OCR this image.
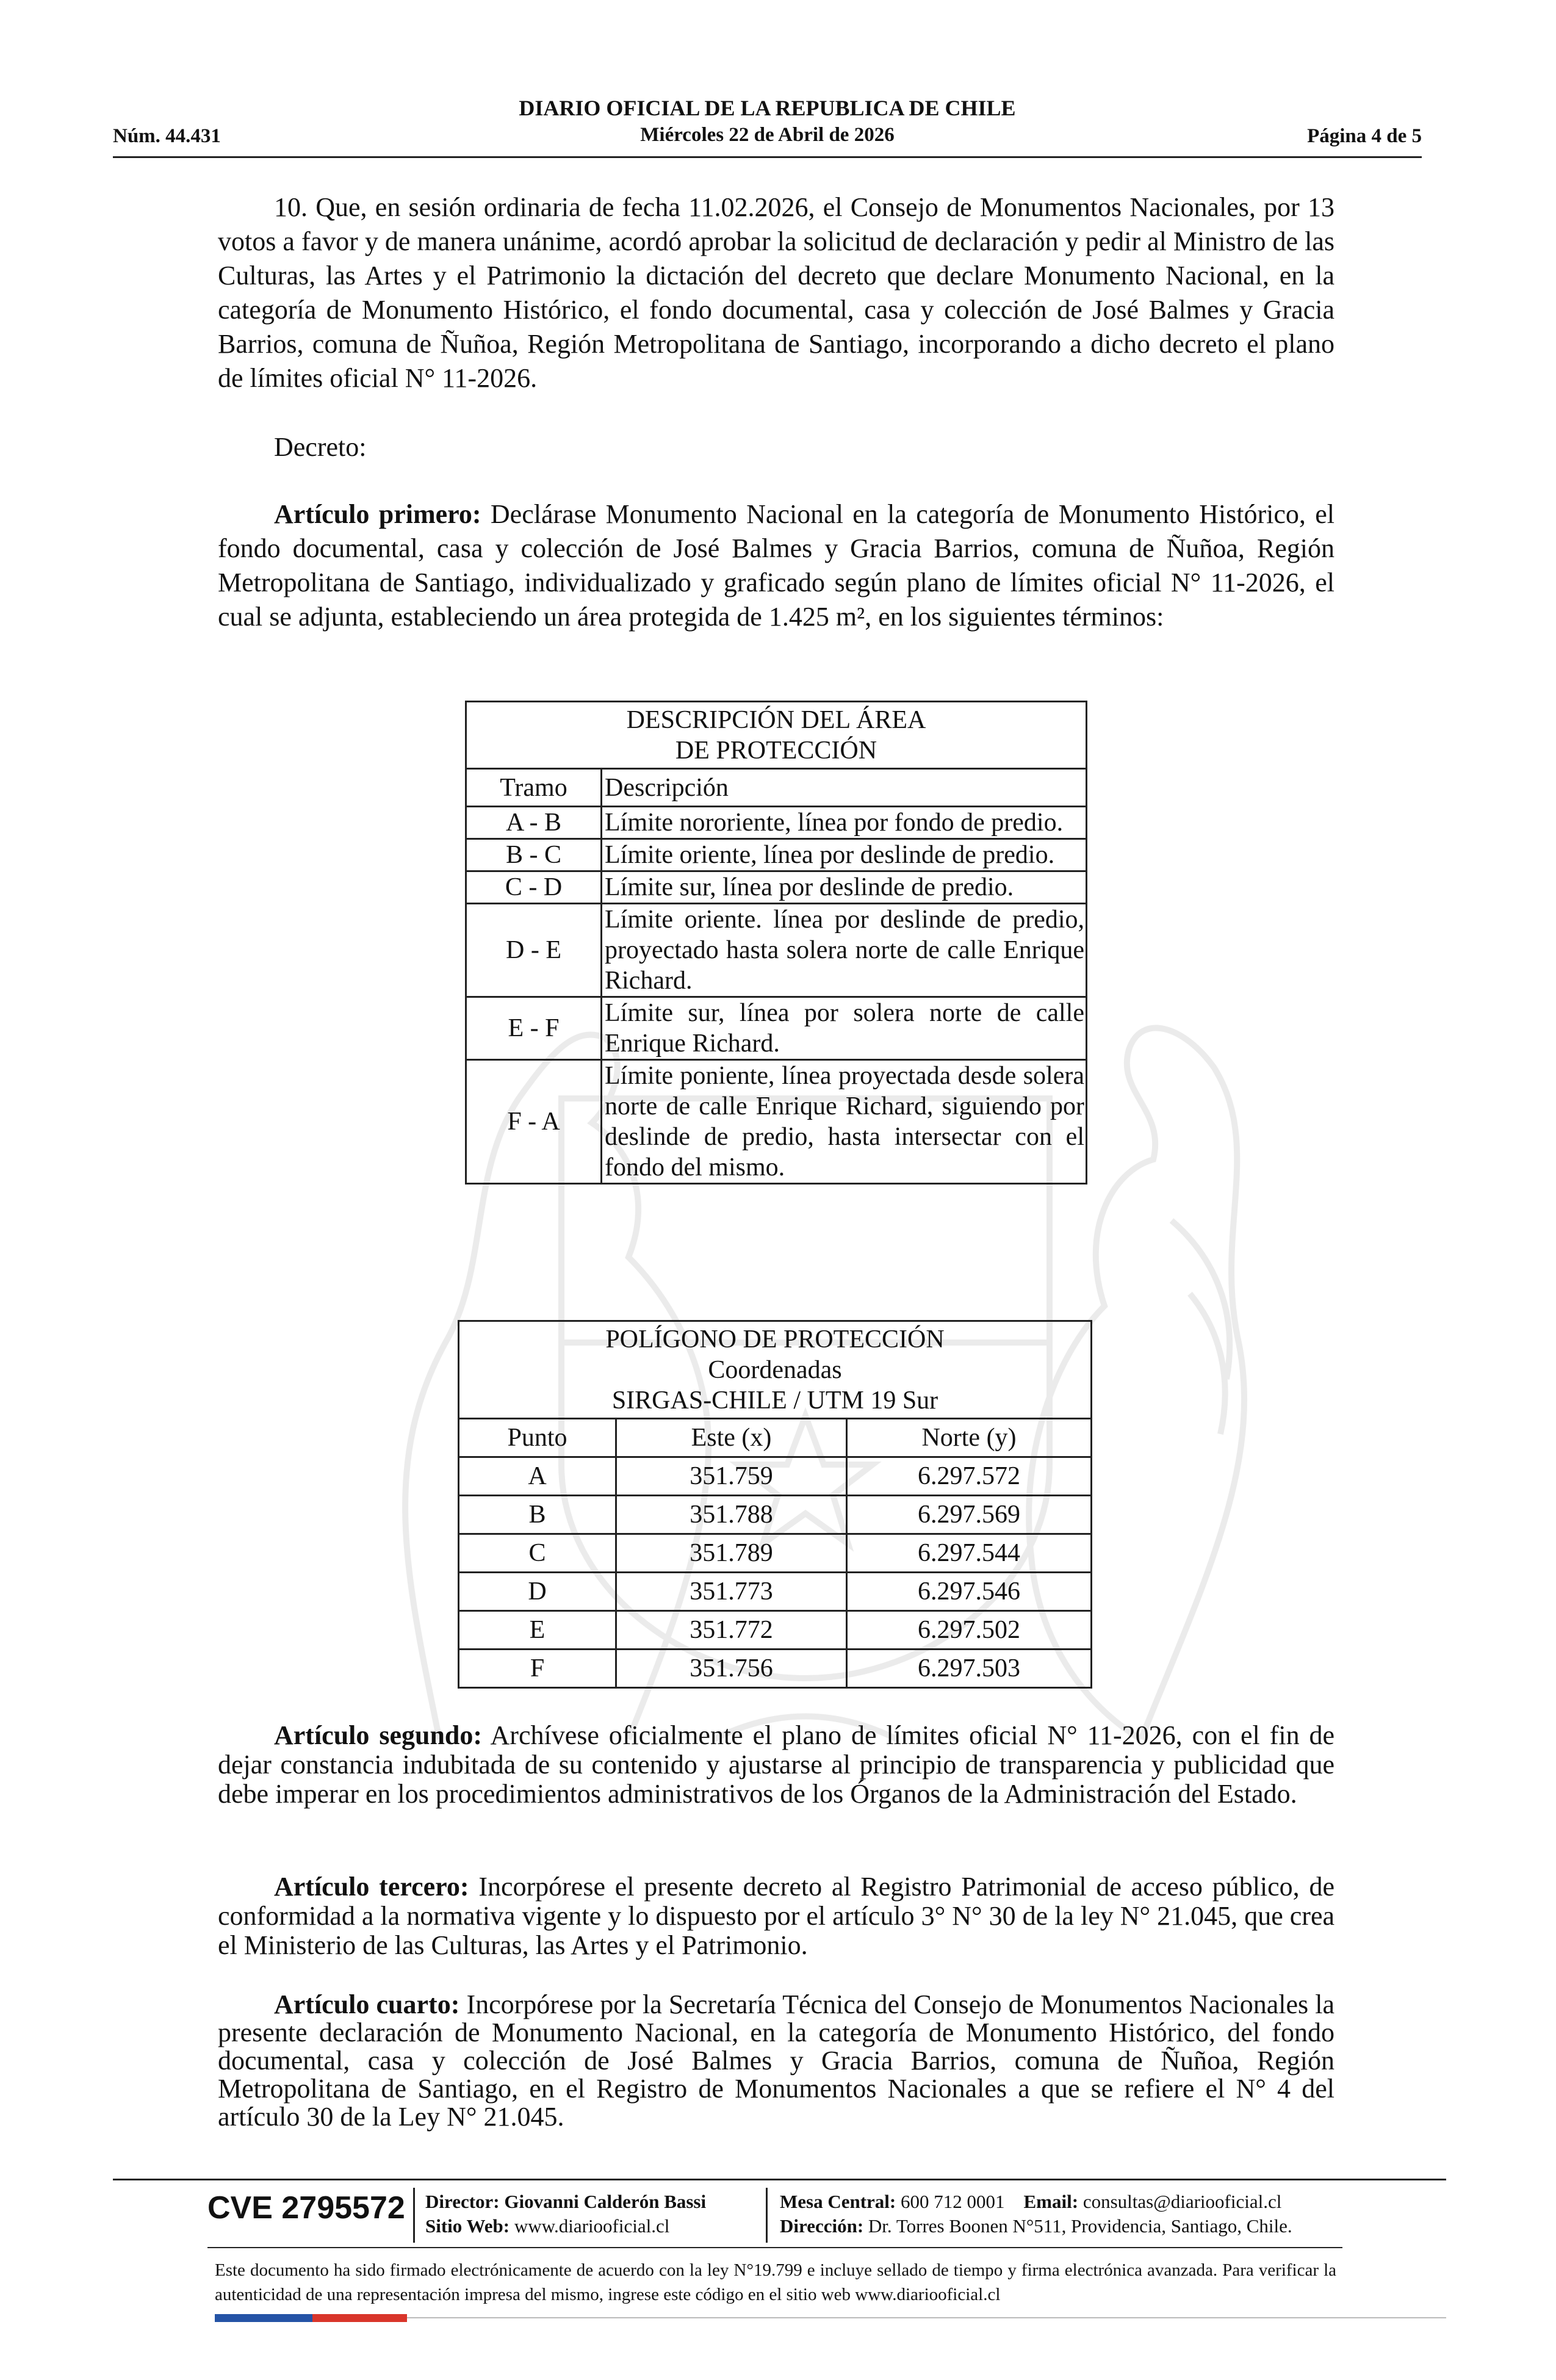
Núm. 44.431
DIARIO OFICIAL DE LA REPUBLICA DE CHILE
Miércoles 22 de Abril de 2026	Página 4 de 5

10. Que, en sesión ordinaria de fecha 11.02.2026, el Consejo de Monumentos Nacionales, por 13 votos a favor y de manera unánime, acordó aprobar la solicitud de declaración y pedir al Ministro de las Culturas, las Artes y el Patrimonio la dictación del decreto que declare Monumento Nacional, en la categoría de Monumento Histórico, el fondo documental, casa y colección de José Balmes y Gracia Barrios, comuna de Ñuñoa, Región Metropolitana de Santiago, incorporando a dicho decreto el plano de límites oficial N° 11-2026.

Decreto:

Artículo primero: Declárase Monumento Nacional en la categoría de Monumento Histórico, el fondo documental, casa y colección de José Balmes y Gracia Barrios, comuna de Ñuñoa, Región Metropolitana de Santiago, individualizado y graficado según plano de límites oficial N° 11-2026, el cual se adjunta, estableciendo un área protegida de 1.425 m², en los siguientes términos:

DESCRIPCIÓN DEL ÁREA
DE PROTECCIÓN	

Tramo	Descripción
A - B	Límite nororiente, línea por fondo de predio.
B - C	Límite oriente, línea por deslinde de predio.
C - D	Límite sur, línea por deslinde de predio.
D - E	Límite oriente. línea por deslinde de predio, proyectado hasta solera norte de calle Enrique Richard.
E - F	Límite sur, línea por solera norte de calle Enrique Richard.
F - A	Límite poniente, línea proyectada desde solera norte de calle Enrique Richard, siguiendo por deslinde de predio, hasta intersectar con el fondo del mismo.
POLÍGONO DE PROTECCIÓN
Coordenadas
SIRGAS-CHILE / UTM 19 Sur		

Punto	Este (x)	Norte (y)
A	351.759	6.297.572
B	351.788	6.297.569
C	351.789	6.297.544
D	351.773	6.297.546
E	351.772	6.297.502
F	351.756	6.297.503

Artículo segundo: Archívese oficialmente el plano de límites oficial N° 11-2026, con el fin de dejar constancia indubitada de su contenido y ajustarse al principio de transparencia y publicidad que debe imperar en los procedimientos administrativos de los Órganos de la Administración del Estado.

Artículo tercero: Incorpórese el presente decreto al Registro Patrimonial de acceso público, de conformidad a la normativa vigente y lo dispuesto por el artículo 3° N° 30 de la ley N° 21.045, que crea el Ministerio de las Culturas, las Artes y el Patrimonio.

Artículo cuarto: Incorpórese por la Secretaría Técnica del Consejo de Monumentos Nacionales la presente declaración de Monumento Nacional, en la categoría de Monumento Histórico, del fondo documental, casa y colección de José Balmes y Gracia Barrios, comuna de Ñuñoa, Región Metropolitana de Santiago, en el Registro de Monumentos Nacionales a que se refiere el N° 4 del artículo 30 de la Ley N° 21.045.

CVE 2795572 Director: Giovanni Calderón Bassi
Sitio Web: www.diariooficial.cl
Mesa Central: 600 712 0001 Email: consultas@diariooficial.cl
Dirección: Dr. Torres Boonen N°511, Providencia, Santiago, Chile.

Este documento ha sido firmado electrónicamente de acuerdo con la ley N°19.799 e incluye sellado de tiempo y firma electrónica avanzada. Para verificar la autenticidad de una representación impresa del mismo, ingrese este código en el sitio web www.diariooficial.cl
